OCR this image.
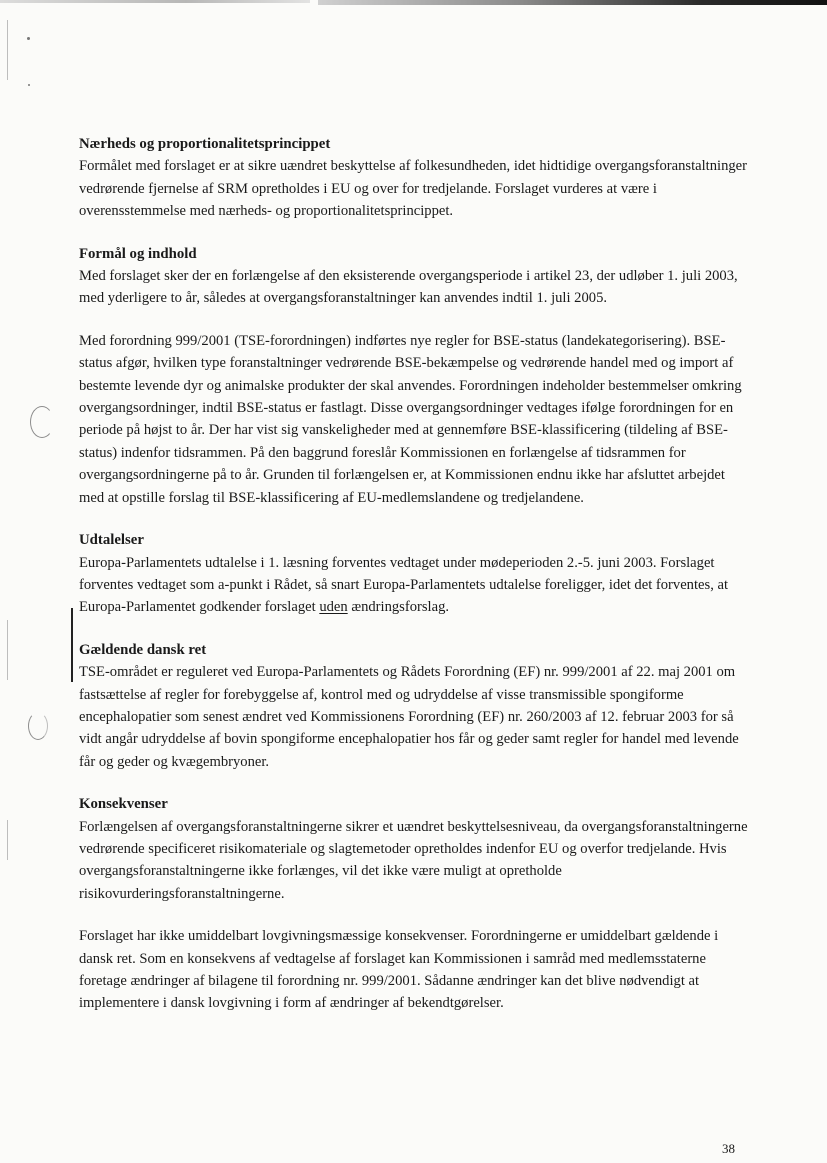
Nærheds og proportionalitetsprincippet

Formålet med forslaget er at sikre uændret beskyttelse af folkesundheden, idet hidtidige overgangsforanstaltninger vedrørende fjernelse af SRM opretholdes i EU og over for tredjelande. Forslaget vurderes at være i overensstemmelse med nærheds- og proportionalitetsprincippet.

Formål og indhold

Med forslaget sker der en forlængelse af den eksisterende overgangsperiode i artikel 23, der udløber 1. juli 2003, med yderligere to år, således at overgangsforanstaltninger kan anvendes indtil 1. juli 2005.

Med forordning 999/2001 (TSE-forordningen) indførtes nye regler for BSE-status (landekategorisering). BSE-status afgør, hvilken type foranstaltninger vedrørende BSE-bekæmpelse og vedrørende handel med og import af bestemte levende dyr og animalske produkter der skal anvendes. Forordningen indeholder bestemmelser omkring overgangsordninger, indtil BSE-status er fastlagt. Disse overgangsordninger vedtages ifølge forordningen for en periode på højst to år. Der har vist sig vanskeligheder med at gennemføre BSE-klassificering (tildeling af BSE-status) indenfor tidsrammen. På den baggrund foreslår Kommissionen en forlængelse af tidsrammen for overgangsordningerne på to år. Grunden til forlængelsen er, at Kommissionen endnu ikke har afsluttet arbejdet med at opstille forslag til BSE-klassificering af EU-medlemslandene og tredjelandene.

Udtalelser

Europa-Parlamentets udtalelse i 1. læsning forventes vedtaget under mødeperioden 2.-5. juni 2003. Forslaget forventes vedtaget som a-punkt i Rådet, så snart Europa-Parlamentets udtalelse foreligger, idet det forventes, at Europa-Parlamentet godkender forslaget uden ændringsforslag.

Gældende dansk ret

TSE-området er reguleret ved Europa-Parlamentets og Rådets Forordning (EF) nr. 999/2001 af 22. maj 2001 om fastsættelse af regler for forebyggelse af, kontrol med og udryddelse af visse transmissible spongiforme encephalopatier som senest ændret ved Kommissionens Forordning (EF) nr. 260/2003 af 12. februar 2003 for så vidt angår udryddelse af bovin spongiforme encephalopatier hos får og geder samt regler for handel med levende får og geder og kvægembryoner.

Konsekvenser

Forlængelsen af overgangsforanstaltningerne sikrer et uændret beskyttelsesniveau, da overgangsforanstaltningerne vedrørende specificeret risikomateriale og slagtemetoder opretholdes indenfor EU og overfor tredjelande. Hvis overgangsforanstaltningerne ikke forlænges, vil det ikke være muligt at opretholde risikovurderingsforanstaltningerne.

Forslaget har ikke umiddelbart lovgivningsmæssige konsekvenser. Forordningerne er umiddelbart gældende i dansk ret. Som en konsekvens af vedtagelse af forslaget kan Kommissionen i samråd med medlemsstaterne foretage ændringer af bilagene til forordning nr. 999/2001. Sådanne ændringer kan det blive nødvendigt at implementere i dansk lovgivning i form af ændringer af bekendtgørelser.

38
